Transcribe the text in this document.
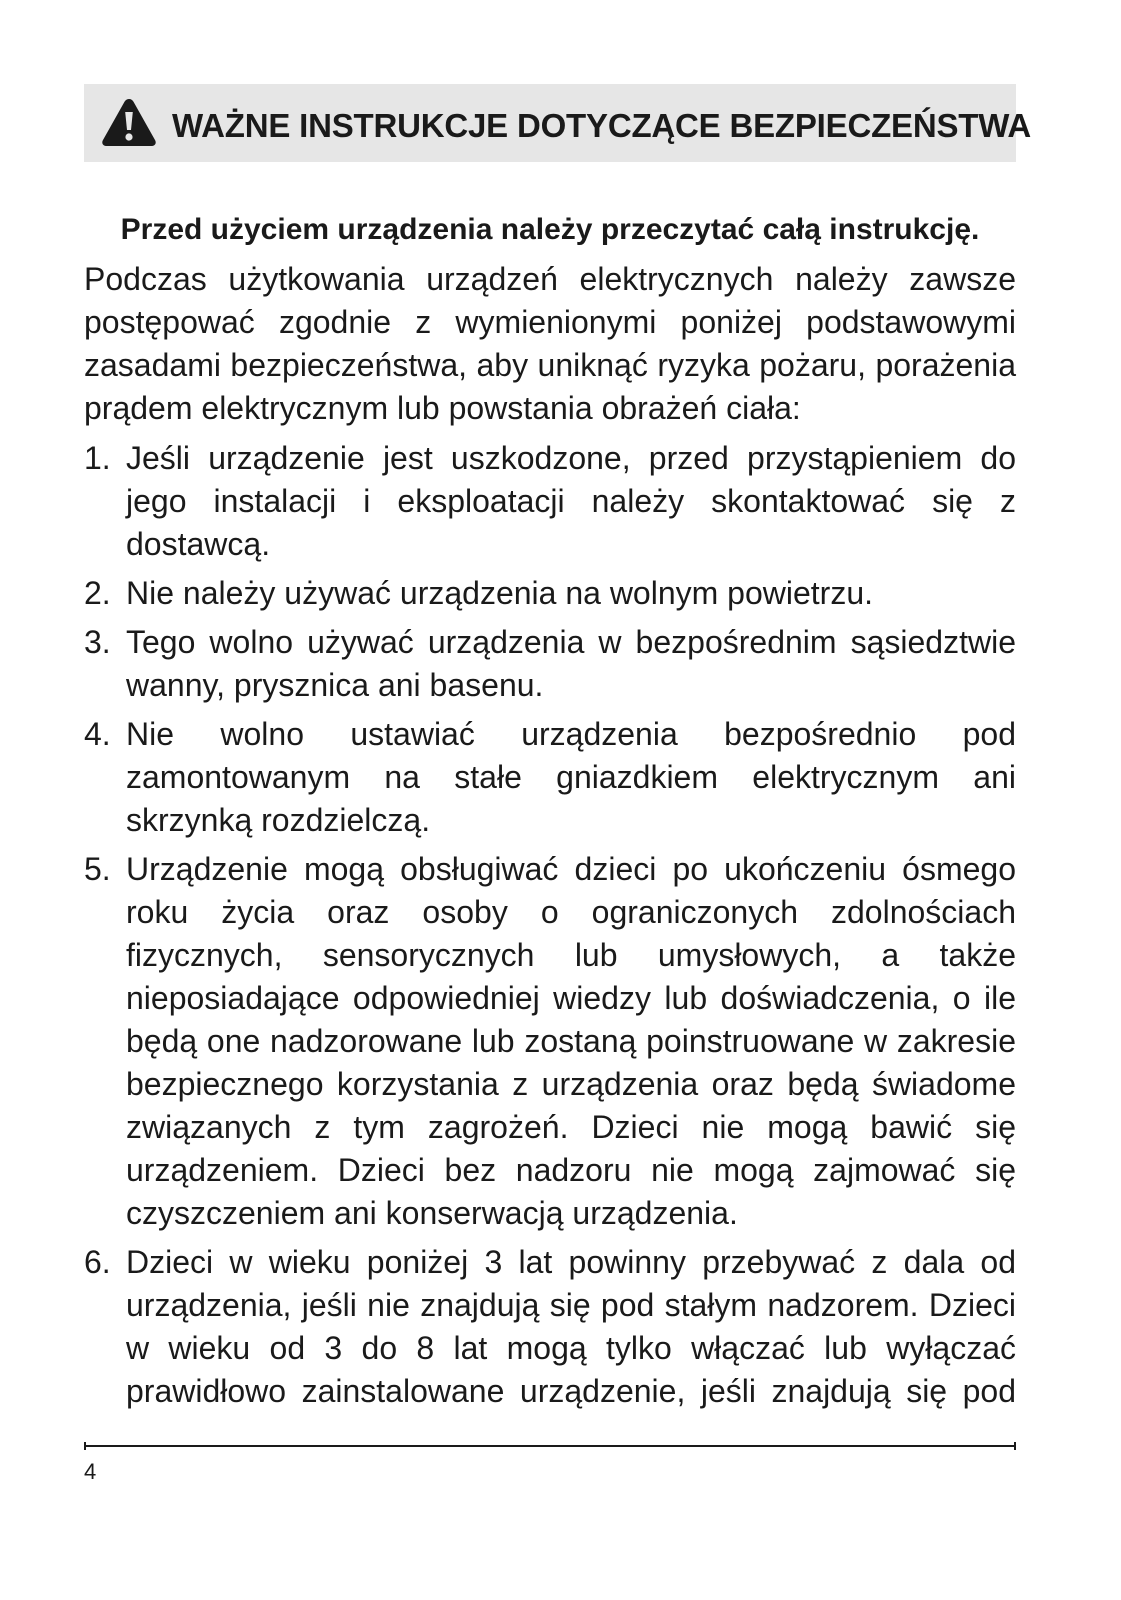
WAŻNE INSTRUKCJE DOTYCZĄCE BEZPIECZEŃSTWA
Przed użyciem urządzenia należy przeczytać całą instrukcję.
Podczas użytkowania urządzeń elektrycznych należy zawsze postępować zgodnie z wymienionymi poniżej podstawowymi zasadami bezpieczeństwa, aby uniknąć ryzyka pożaru, porażenia prądem elektrycznym lub powstania obrażeń ciała:
1. Jeśli urządzenie jest uszkodzone, przed przystąpieniem do jego instalacji i eksploatacji należy skontaktować się z dostawcą.
2. Nie należy używać urządzenia na wolnym powietrzu.
3. Tego wolno używać urządzenia w bezpośrednim sąsiedztwie wanny, prysznica ani basenu.
4. Nie wolno ustawiać urządzenia bezpośrednio pod zamontowanym na stałe gniazdkiem elektrycznym ani skrzynką rozdzielczą.
5. Urządzenie mogą obsługiwać dzieci po ukończeniu ósmego roku życia oraz osoby o ograniczonych zdolnościach fizycznych, sensorycznych lub umysłowych, a także nieposiadające odpowiedniej wiedzy lub doświadczenia, o ile będą one nadzorowane lub zostaną poinstruowane w zakresie bezpiecznego korzystania z urządzenia oraz będą świadome związanych z tym zagrożeń. Dzieci nie mogą bawić się urządzeniem. Dzieci bez nadzoru nie mogą zajmować się czyszczeniem ani konserwacją urządzenia.
6. Dzieci w wieku poniżej 3 lat powinny przebywać z dala od urządzenia, jeśli nie znajdują się pod stałym nadzorem. Dzieci w wieku od 3 do 8 lat mogą tylko włączać lub wyłączać prawidłowo zainstalowane urządzenie, jeśli znajdują się pod
4
